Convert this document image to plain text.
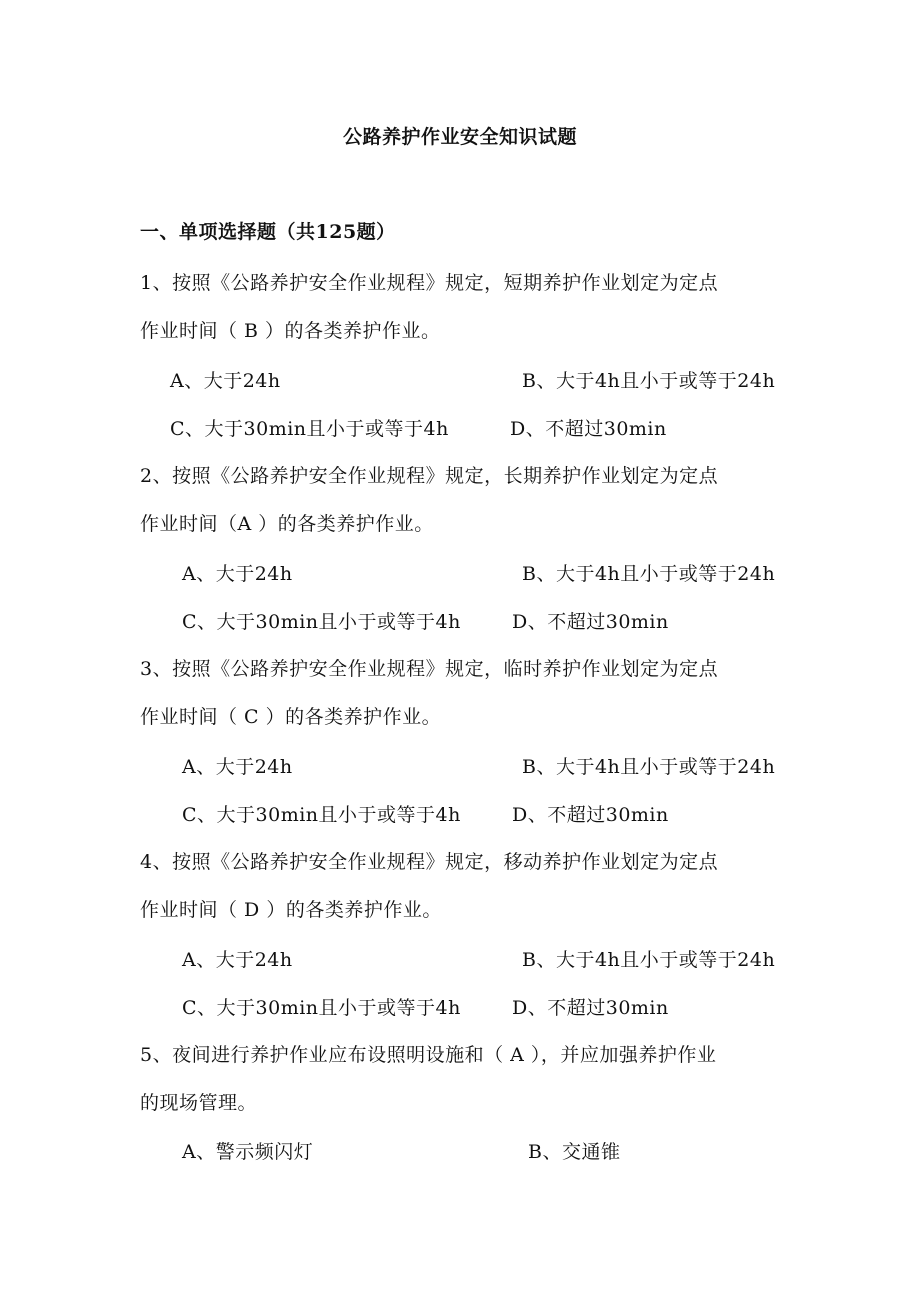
公路养护作业安全知识试题
一、单项选择题（共125题）
1、按照《公路养护安全作业规程》规定，短期养护作业划定为定点
作业时间（ B ）的各类养护作业。
A、大于24h	B、大于4h且小于或等于24h
C、大于30min且小于或等于4h	D、不超过30min
2、按照《公路养护安全作业规程》规定，长期养护作业划定为定点
作业时间（A ）的各类养护作业。
A、大于24h	B、大于4h且小于或等于24h
C、大于30min且小于或等于4h	D、不超过30min
3、按照《公路养护安全作业规程》规定，临时养护作业划定为定点
作业时间（ C ）的各类养护作业。
A、大于24h	B、大于4h且小于或等于24h
C、大于30min且小于或等于4h	D、不超过30min
4、按照《公路养护安全作业规程》规定，移动养护作业划定为定点
作业时间（ D ）的各类养护作业。
A、大于24h	B、大于4h且小于或等于24h
C、大于30min且小于或等于4h	D、不超过30min
5、夜间进行养护作业应布设照明设施和（ A ），并应加强养护作业
的现场管理。
A、警示频闪灯	B、交通锥
